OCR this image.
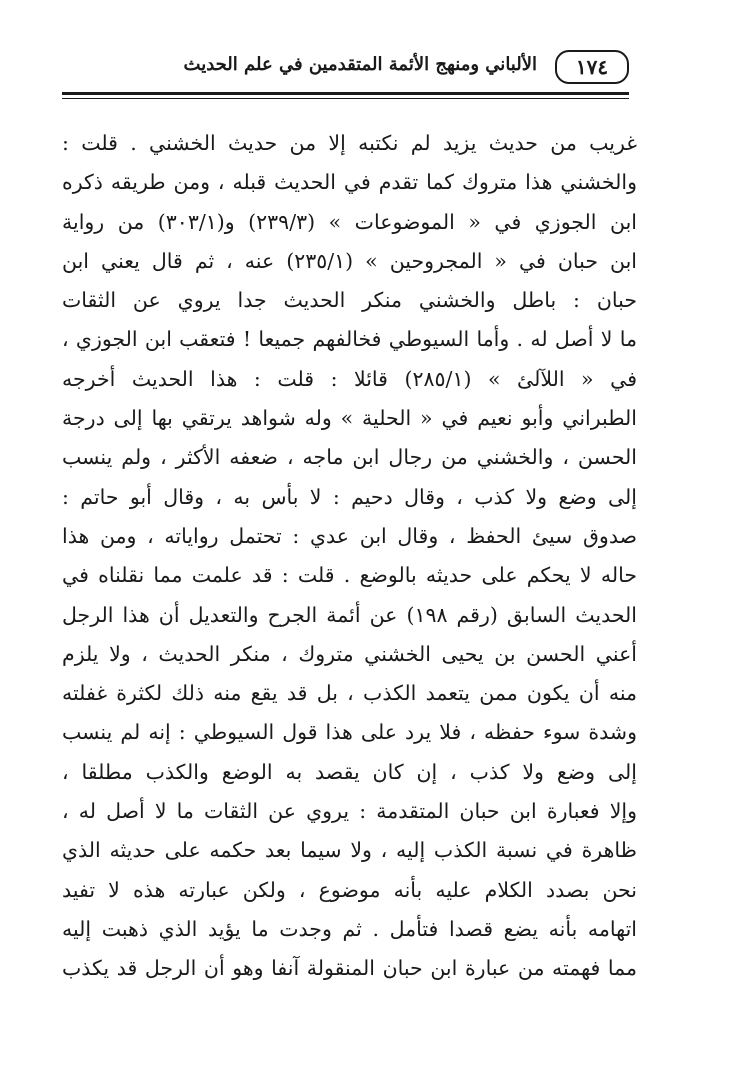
١٧٤
الألباني ومنهج الأئمة المتقدمين في علم الحديث
غريب من حديث يزيد لم نكتبه إلا من حديث الخشني . قلت :
والخشني هذا متروك كما تقدم في الحديث قبله ، ومن طريقه ذكره
ابن الجوزي في « الموضوعات » (٢٣٩/٣) و(٣٠٣/١) من رواية
ابن حبان في « المجروحين » (٢٣٥/١) عنه ، ثم قال يعني ابن
حبان : باطل والخشني منكر الحديث جدا يروي عن الثقات
ما لا أصل له . وأما السيوطي فخالفهم جميعا ! فتعقب ابن الجوزي ،
في « اللآلئ » (٢٨٥/١) قائلا : قلت : هذا الحديث أخرجه
الطبراني وأبو نعيم في « الحلية » وله شواهد يرتقي بها إلى درجة
الحسن ، والخشني من رجال ابن ماجه ، ضعفه الأكثر ، ولم ينسب
إلى وضع ولا كذب ، وقال دحيم : لا بأس به ، وقال أبو حاتم :
صدوق سيئ الحفظ ، وقال ابن عدي : تحتمل رواياته ، ومن هذا
حاله لا يحكم على حديثه بالوضع . قلت : قد علمت مما نقلناه في
الحديث السابق (رقم ١٩٨) عن أئمة الجرح والتعديل أن هذا الرجل
أعني الحسن بن يحيى الخشني متروك ، منكر الحديث ، ولا يلزم
منه أن يكون ممن يتعمد الكذب ، بل قد يقع منه ذلك لكثرة غفلته
وشدة سوء حفظه ، فلا يرد على هذا قول السيوطي : إنه لم ينسب
إلى وضع ولا كذب ، إن كان يقصد به الوضع والكذب مطلقا ،
وإلا فعبارة ابن حبان المتقدمة : يروي عن الثقات ما لا أصل له ،
ظاهرة في نسبة الكذب إليه ، ولا سيما بعد حكمه على حديثه الذي
نحن بصدد الكلام عليه بأنه موضوع ، ولكن عبارته هذه لا تفيد
اتهامه بأنه يضع قصدا فتأمل . ثم وجدت ما يؤيد الذي ذهبت إليه
مما فهمته من عبارة ابن حبان المنقولة آنفا وهو أن الرجل قد يكذب
